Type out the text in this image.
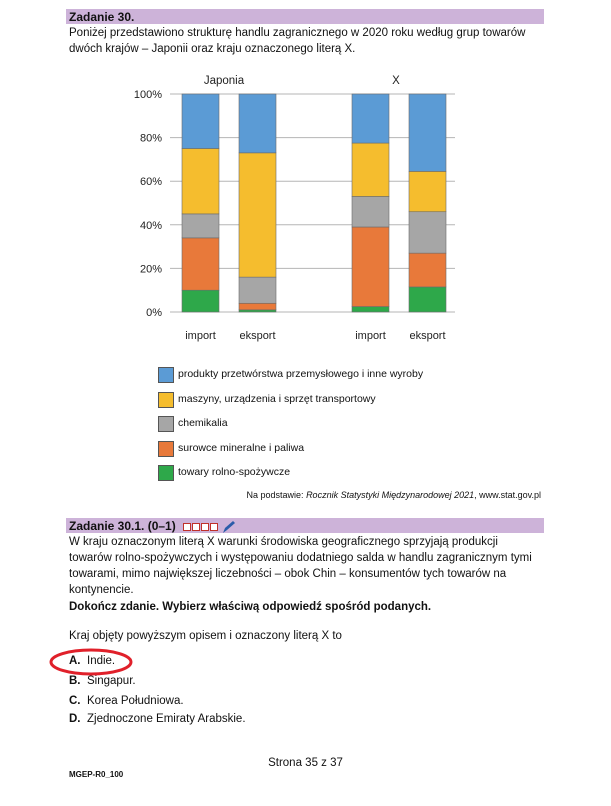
Zadanie 30.
Poniżej przedstawiono strukturę handlu zagranicznego w 2020 roku według grup towarów
dwóch krajów – Japonii oraz kraju oznaczonego literą X.
0%
20%
40%
60%
80%
100%
import eksport	import eksport
Japonia	X
produkty przetwórstwa przemysłowego i inne wyroby
maszyny, urządzenia i sprzęt transportowy
chemikalia
surowce mineralne i paliwa
towary rolno-spożywcze
Na podstawie: Rocznik Statystyki Międzynarodowej 2021, www.stat.gov.pl
Zadanie 30.1. (0–1)
W kraju oznaczonym literą X warunki środowiska geograficznego sprzyjają produkcji
towarów rolno-spożywczych i występowaniu dodatniego salda w handlu zagranicznym tymi
towarami, mimo największej liczebności – obok Chin – konsumentów tych towarów na
kontynencie.
Dokończ zdanie. Wybierz właściwą odpowiedź spośród podanych.
Kraj objęty powyższym opisem i oznaczony literą X to
A. Indie.
B. Singapur.
C. Korea Południowa.
D. Zjednoczone Emiraty Arabskie.
Strona 35 z 37
MGEP-R0_100
